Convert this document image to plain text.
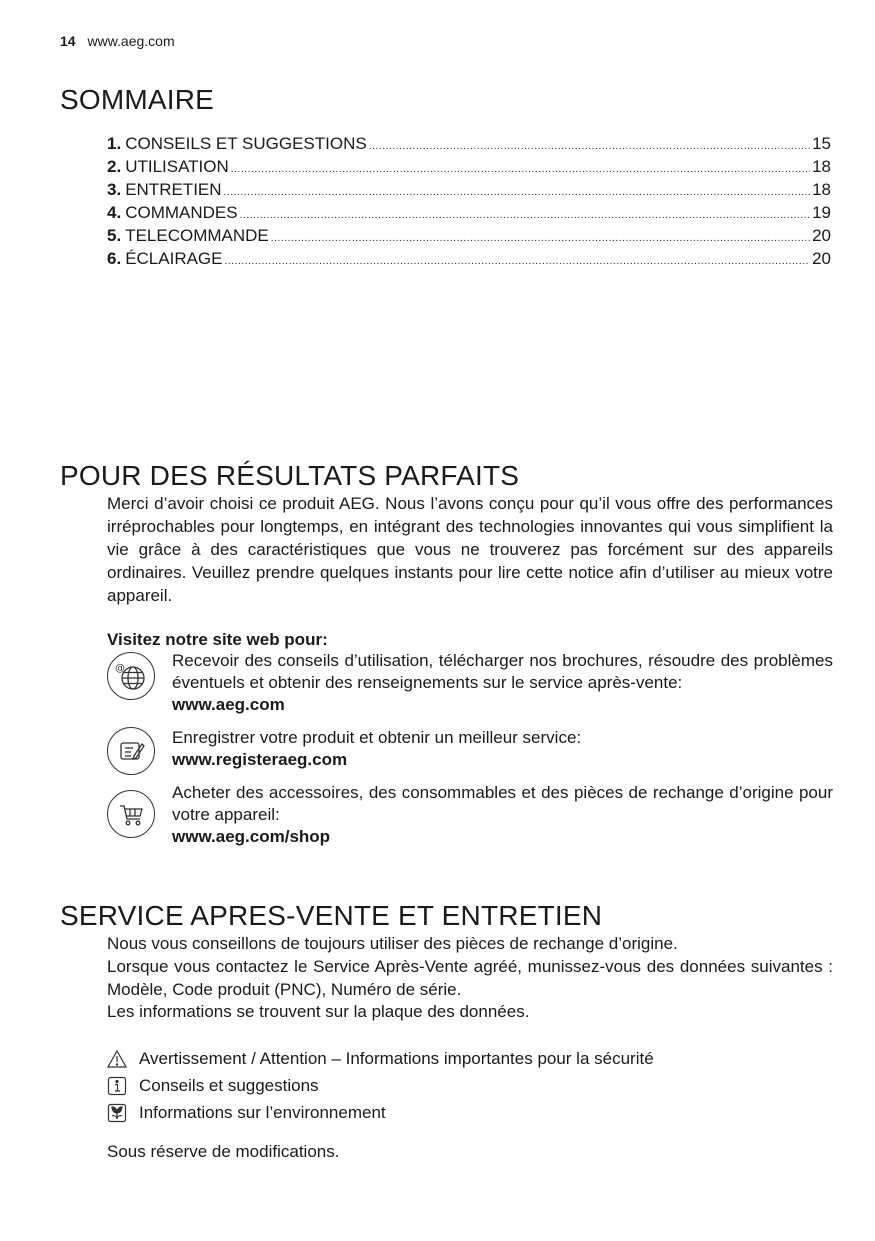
14 www.aeg.com
SOMMAIRE
1. CONSEILS ET SUGGESTIONS .....	15
2. UTILISATION .....	18
3. ENTRETIEN .....	18
4. COMMANDES .....	19
5. TELECOMMANDE .....	20
6. ÉCLAIRAGE .....	20
POUR DES RÉSULTATS PARFAITS
Merci d’avoir choisi ce produit AEG. Nous l’avons conçu pour qu’il vous offre des performances irréprochables pour longtemps, en intégrant des technologies innovantes qui vous simplifient la vie grâce à des caractéristiques que vous ne trouverez pas forcément sur des appareils ordinaires. Veuillez prendre quelques instants pour lire cette notice afin d’utiliser au mieux votre appareil.
Visitez notre site web pour:
@	Recevoir des conseils d’utilisation, télécharger nos brochures, résoudre des problèmes éventuels et obtenir des renseignements sur le service après-vente:
www.aeg.com
Enregistrer votre produit et obtenir un meilleur service:
www.registeraeg.com
Acheter des accessoires, des consommables et des pièces de rechange d’origine pour votre appareil:
www.aeg.com/shop
SERVICE APRES-VENTE ET ENTRETIEN
Nous vous conseillons de toujours utiliser des pièces de rechange d’origine.
Lorsque vous contactez le Service Après-Vente agréé, munissez-vous des données suivantes : Modèle, Code produit (PNC), Numéro de série.
Les informations se trouvent sur la plaque des données.
Avertissement / Attention – Informations importantes pour la sécurité
Conseils et suggestions
Informations sur l’environnement
Sous réserve de modifications.
